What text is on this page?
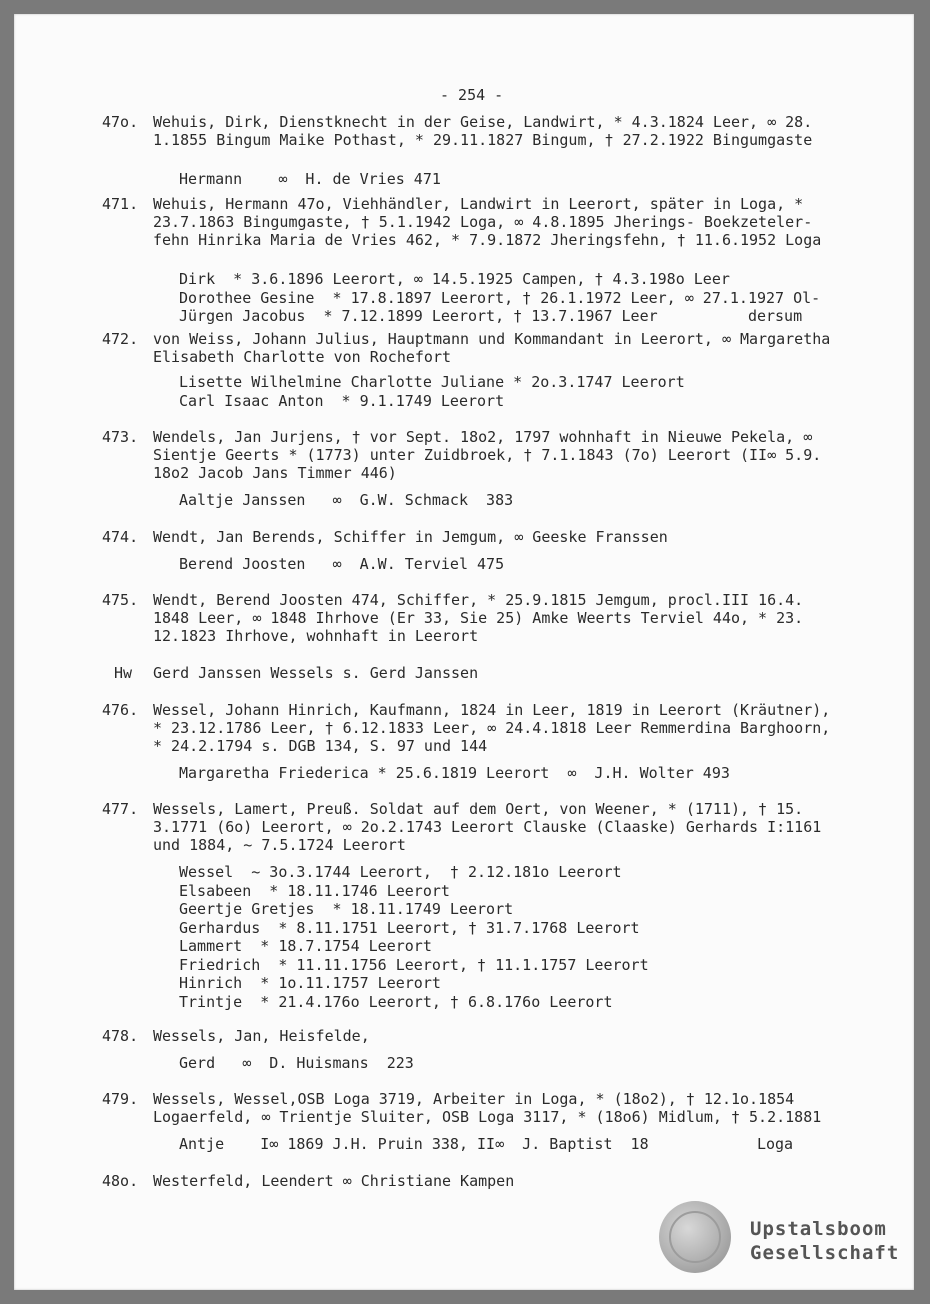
- 254 -
47o. Wehuis, Dirk, Dienstknecht in der Geise, Landwirt, * 4.3.1824 Leer, ∞ 28.
1.1855 Bingum Maike Pothast, * 29.11.1827 Bingum, † 27.2.1922 Bingumgaste
Hermann    ∞  H. de Vries 471
471. Wehuis, Hermann 47o, Viehhändler, Landwirt in Leerort, später in Loga, *
23.7.1863 Bingumgaste, † 5.1.1942 Loga, ∞ 4.8.1895 Jherings- Boekzeteler-
fehn Hinrika Maria de Vries 462, * 7.9.1872 Jheringsfehn, † 11.6.1952 Loga
Dirk  * 3.6.1896 Leerort, ∞ 14.5.1925 Campen, † 4.3.198o Leer
Dorothee Gesine  * 17.8.1897 Leerort, † 26.1.1972 Leer, ∞ 27.1.1927 Ol-
Jürgen Jacobus  * 7.12.1899 Leerort, † 13.7.1967 Leer          dersum
472. von Weiss, Johann Julius, Hauptmann und Kommandant in Leerort, ∞ Margaretha
Elisabeth Charlotte von Rochefort
Lisette Wilhelmine Charlotte Juliane * 2o.3.1747 Leerort
Carl Isaac Anton  * 9.1.1749 Leerort
473. Wendels, Jan Jurjens, † vor Sept. 18o2, 1797 wohnhaft in Nieuwe Pekela, ∞
Sientje Geerts * (1773) unter Zuidbroek, † 7.1.1843 (7o) Leerort (II∞ 5.9.
18o2 Jacob Jans Timmer 446)
Aaltje Janssen   ∞  G.W. Schmack  383
474. Wendt, Jan Berends, Schiffer in Jemgum, ∞ Geeske Franssen
Berend Joosten   ∞  A.W. Terviel 475
475. Wendt, Berend Joosten 474, Schiffer, * 25.9.1815 Jemgum, procl.III 16.4.
1848 Leer, ∞ 1848 Ihrhove (Er 33, Sie 25) Amke Weerts Terviel 44o, * 23.
12.1823 Ihrhove, wohnhaft in Leerort
Hw Gerd Janssen Wessels s. Gerd Janssen
476. Wessel, Johann Hinrich, Kaufmann, 1824 in Leer, 1819 in Leerort (Kräutner),
* 23.12.1786 Leer, † 6.12.1833 Leer, ∞ 24.4.1818 Leer Remmerdina Barghoorn,
* 24.2.1794 s. DGB 134, S. 97 und 144
Margaretha Friederica * 25.6.1819 Leerort  ∞  J.H. Wolter 493
477. Wessels, Lamert, Preuß. Soldat auf dem Oert, von Weener, * (1711), † 15.
3.1771 (6o) Leerort, ∞ 2o.2.1743 Leerort Clauske (Claaske) Gerhards I:1161
und 1884, ~ 7.5.1724 Leerort
Wessel  ~ 3o.3.1744 Leerort,  † 2.12.181o Leerort
Elsabeen  * 18.11.1746 Leerort
Geertje Gretjes  * 18.11.1749 Leerort
Gerhardus  * 8.11.1751 Leerort, † 31.7.1768 Leerort
Lammert  * 18.7.1754 Leerort
Friedrich  * 11.11.1756 Leerort, † 11.1.1757 Leerort
Hinrich  * 1o.11.1757 Leerort
Trintje  * 21.4.176o Leerort, † 6.8.176o Leerort
478. Wessels, Jan, Heisfelde,
Gerd   ∞  D. Huismans  223
479. Wessels, Wessel,OSB Loga 3719, Arbeiter in Loga, * (18o2), † 12.1o.1854
Logaerfeld, ∞ Trientje Sluiter, OSB Loga 3117, * (18o6) Midlum, † 5.2.1881
Antje    I∞ 1869 J.H. Pruin 338, II∞  J. Baptist  18            Loga
48o. Westerfeld, Leendert ∞ Christiane Kampen
Upstalsboom
Gesellschaft
